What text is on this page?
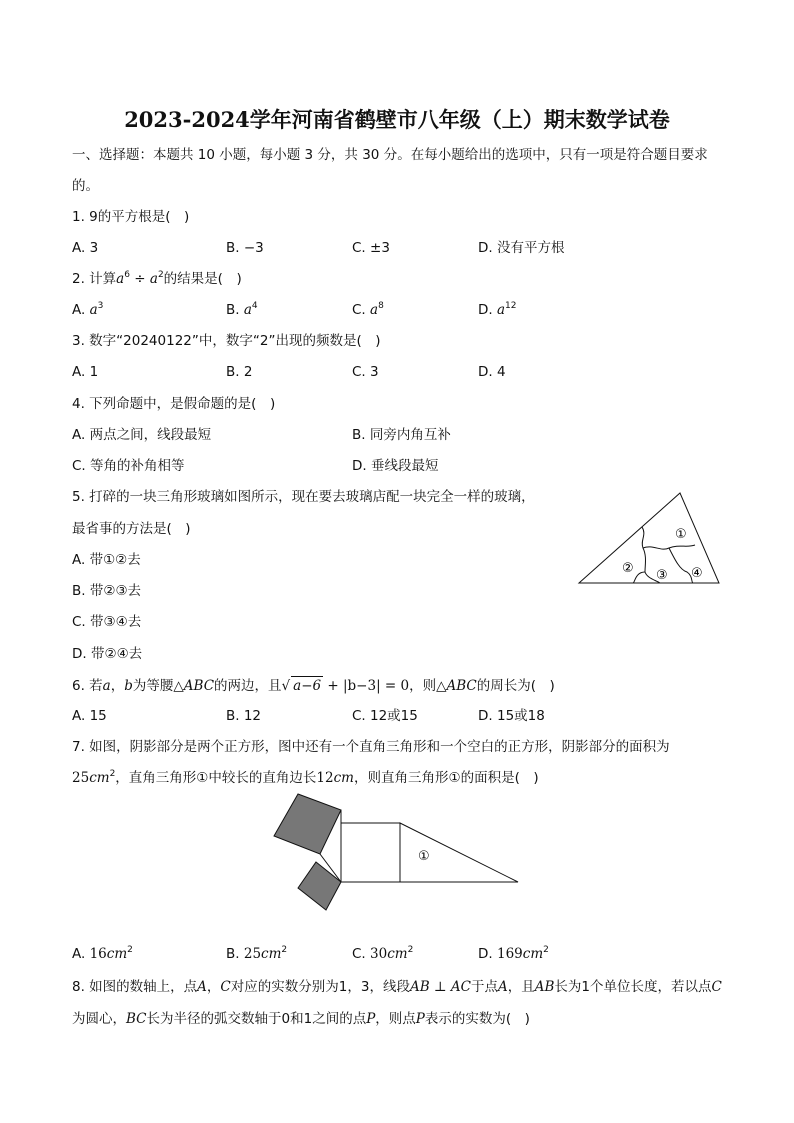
2023-2024学年河南省鹤壁市八年级（上）期末数学试卷
一、选择题：本题共 10 小题，每小题 3 分，共 30 分。在每小题给出的选项中，只有一项是符合题目要求
的。
1. 9的平方根是(　)
A. 3	B. −3	C. ±3	D. 没有平方根
2. 计算$a^6 \div a^2$的结果是(　)
A. $a^3$	B. $a^4$	C. $a^8$	D. $a^{12}$
3. 数字“20240122”中，数字“2”出现的频数是(　)
A. 1	B. 2	C. 3	D. 4
4. 下列命题中，是假命题的是(　)
A. 两点之间，线段最短	B. 同旁内角互补
C. 等角的补角相等	D. 垂线段最短
5. 打碎的一块三角形玻璃如图所示，现在要去玻璃店配一块完全一样的玻璃，
最省事的方法是(　)
A. 带①②去
B. 带②③去
C. 带③④去
D. 带②④去
①
② ③ ④
6. 若a，b为等腰△ABC的两边，且√ a−6 + |b−3| = 0，则△ABC的周长为(　)
A. 15	B. 12	C. 12或15	D. 15或18
7. 如图，阴影部分是两个正方形，图中还有一个直角三角形和一个空白的正方形，阴影部分的面积为
$25cm^2$，直角三角形①中较长的直角边长12cm，则直角三角形①的面积是(　)
①
A. $16cm^2$	B. $25cm^2$	C. $30cm^2$	D. $169cm^2$
8. 如图的数轴上，点A，C对应的实数分别为1，3，线段AB ⊥ AC于点A，且AB长为1个单位长度，若以点C
为圆心，BC长为半径的弧交数轴于0和1之间的点P，则点P表示的实数为(　)
